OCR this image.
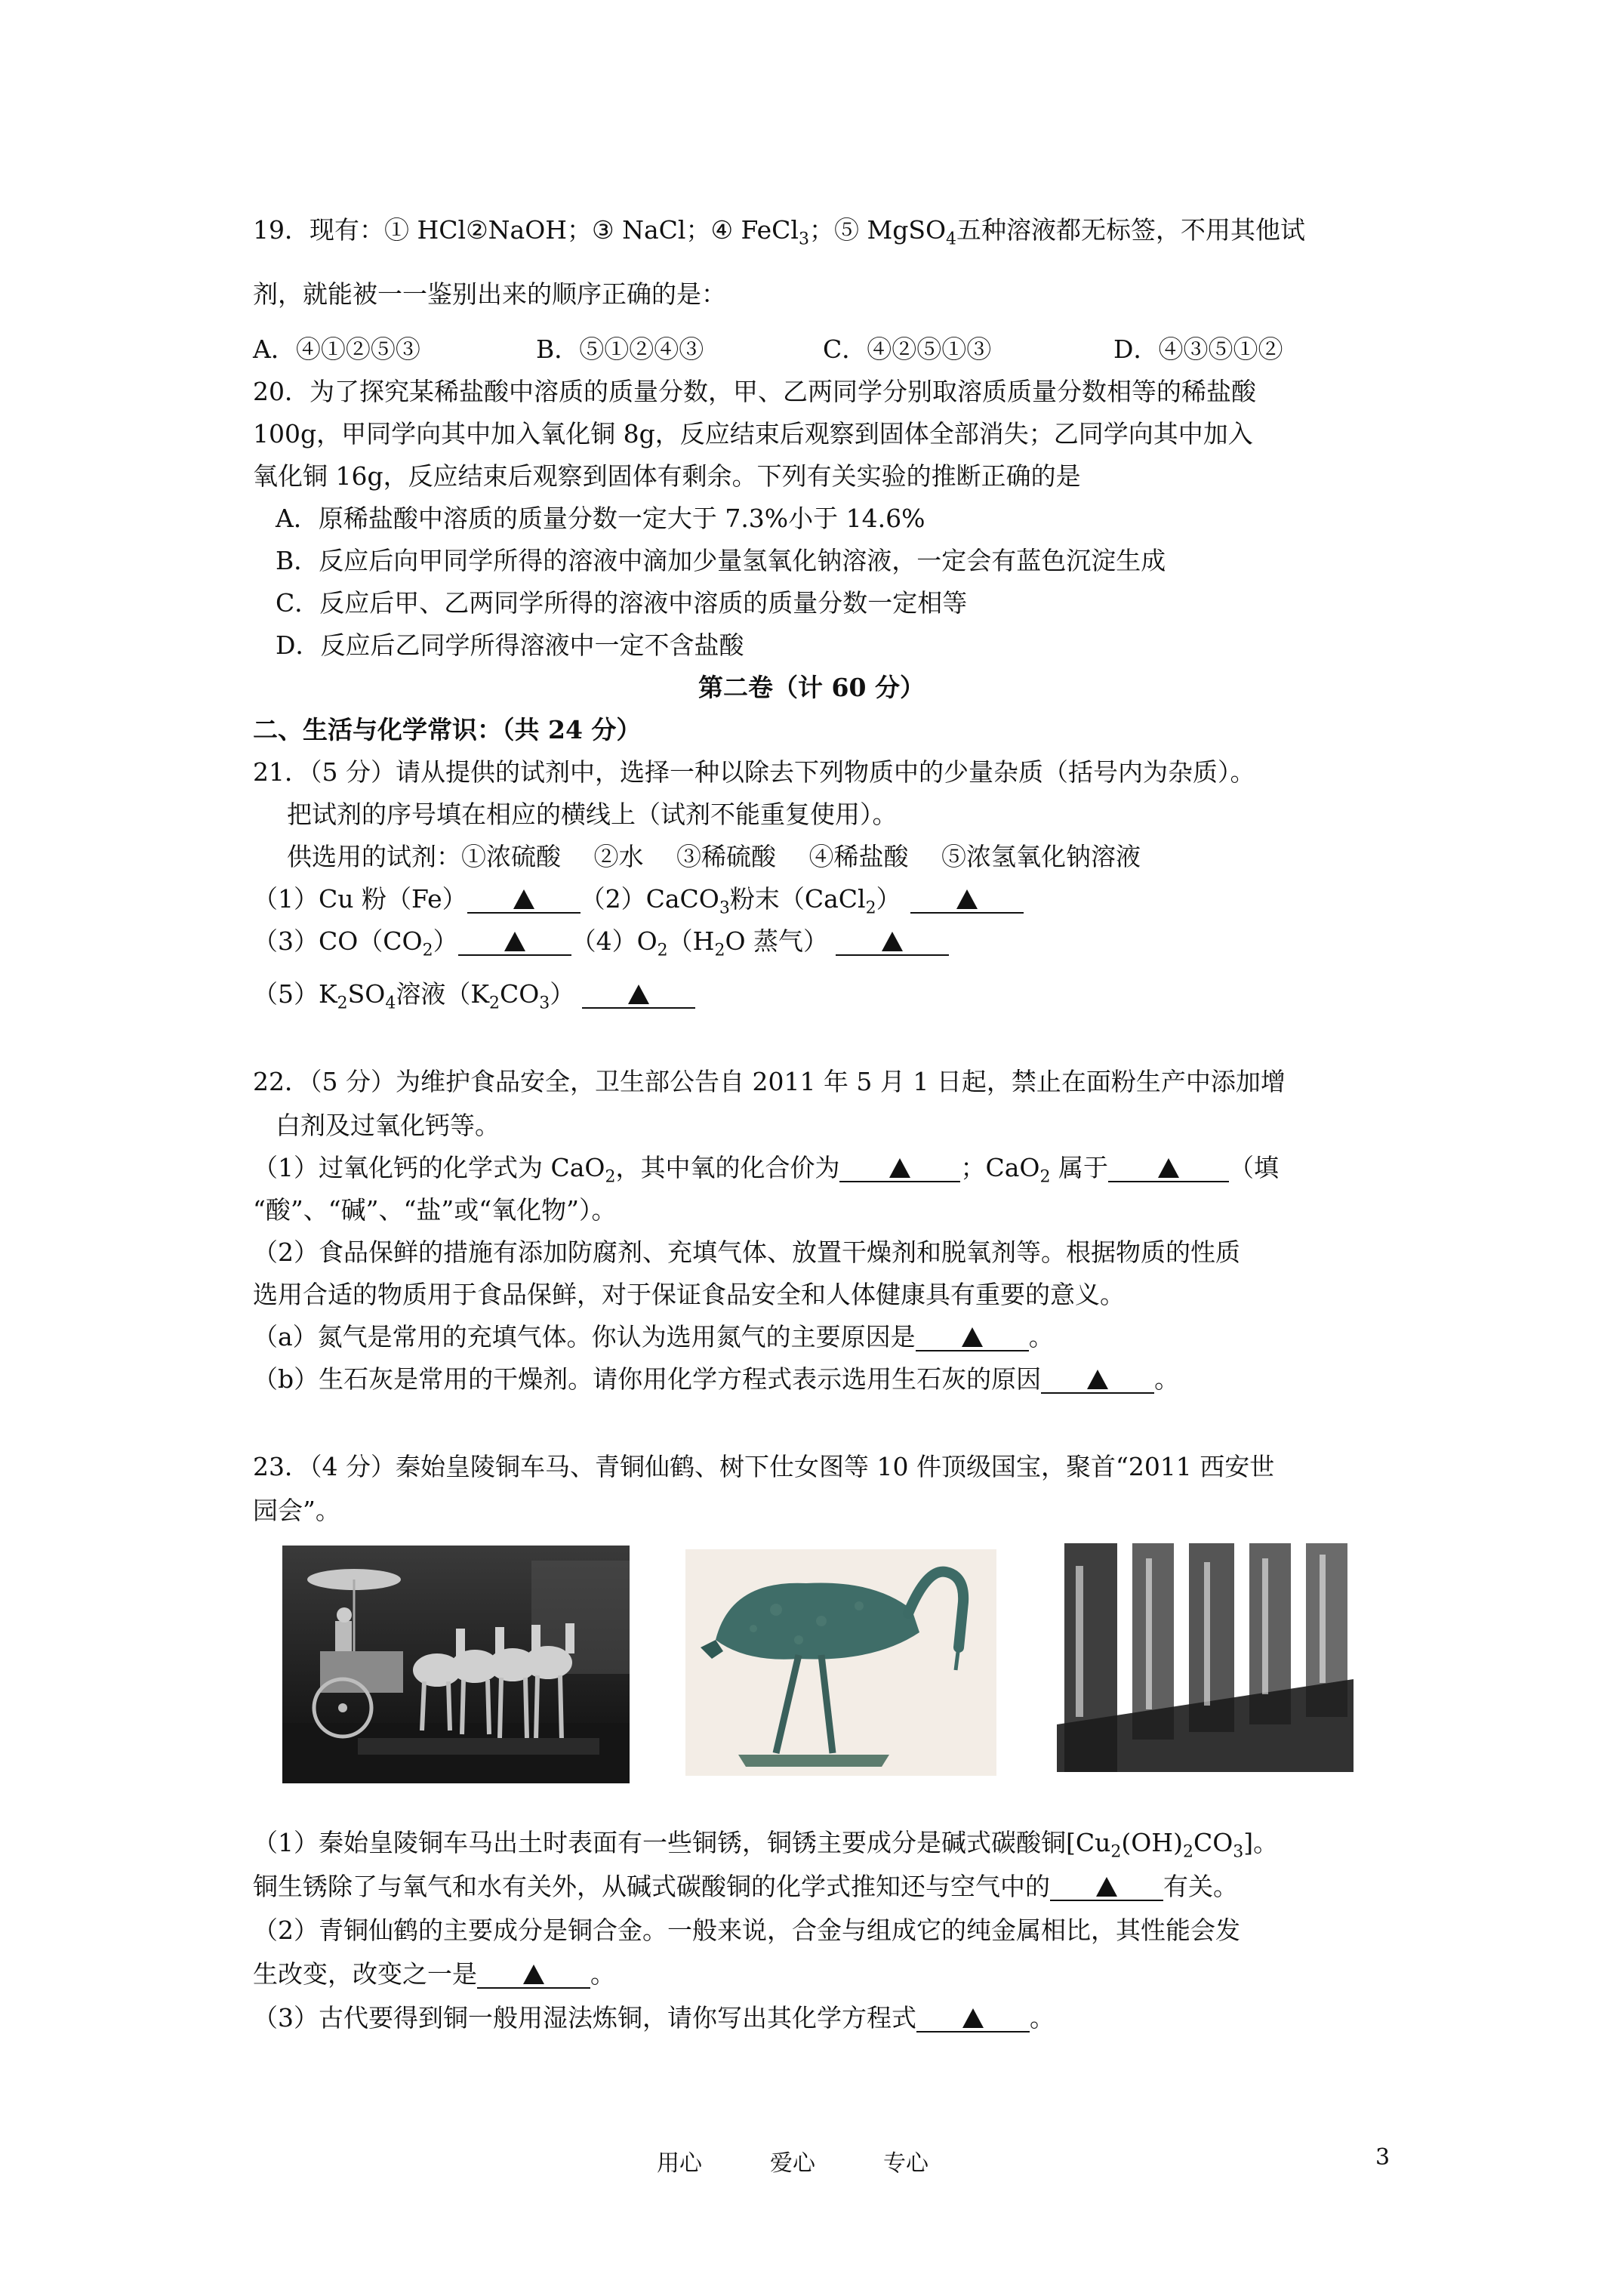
19．现有：① HCl②NaOH；③ NaCl；④ FeCl$_3$；⑤ MgSO$_4$五种溶液都无标签，不用其他试
剂，就能被一一鉴别出来的顺序正确的是：
A．④①②⑤③	B．⑤①②④③	C．④②⑤①③	D．④③⑤①②
20．为了探究某稀盐酸中溶质的质量分数，甲、乙两同学分别取溶质质量分数相等的稀盐酸
100g，甲同学向其中加入氧化铜 8g，反应结束后观察到固体全部消失；乙同学向其中加入
氧化铜 16g，反应结束后观察到固体有剩余。下列有关实验的推断正确的是
A．原稀盐酸中溶质的质量分数一定大于 7.3%小于 14.6%
B．反应后向甲同学所得的溶液中滴加少量氢氧化钠溶液，一定会有蓝色沉淀生成
C．反应后甲、乙两同学所得的溶液中溶质的质量分数一定相等
D．反应后乙同学所得溶液中一定不含盐酸
第二卷（计 60 分）
二、生活与化学常识：（共 24 分）
21．（5 分）请从提供的试剂中，选择一种以除去下列物质中的少量杂质（括号内为杂质）。
把试剂的序号填在相应的横线上（试剂不能重复使用）。
供选用的试剂：①浓硫酸 　②水 　③稀硫酸 　④稀盐酸 　⑤浓氢氧化钠溶液
（1）Cu 粉（Fe）	（2）CaCO$_3$粉末（CaCl$_2$）
$(3)CO(CO_2)$	$(4)O_2(H_2O$ 蒸气）
$(5)K_2SO_4$溶液$(K_2CO_3)$
22．（5 分）为维护食品安全，卫生部公告自 2011 年 5 月 1 日起，禁止在面粉生产中添加增
白剂及过氧化钙等。
（1）过氧化钙的化学式为 CaO$_2$，其中氧的化合价为	；CaO$_2$ 属于	（填
“酸”、“碱”、“盐”或“氧化物”）。
（2）食品保鲜的措施有添加防腐剂、充填气体、放置干燥剂和脱氧剂等。根据物质的性质
选用合适的物质用于食品保鲜，对于保证食品安全和人体健康具有重要的意义。
（a）氮气是常用的充填气体。你认为选用氮气的主要原因是	。
（b）生石灰是常用的干燥剂。请你用化学方程式表示选用生石灰的原因	。
23．（4 分）秦始皇陵铜车马、青铜仙鹤、树下仕女图等 10 件顶级国宝，聚首“2011 西安世
园会”。
（1）秦始皇陵铜车马出土时表面有一些铜锈，铜锈主要成分是碱式碳酸铜$[Cu_2(OH)_2CO_3]$。
铜生锈除了与氧气和水有关外，从碱式碳酸铜的化学式推知还与空气中的	有关。
（2）青铜仙鹤的主要成分是铜合金。一般来说，合金与组成它的纯金属相比，其性能会发
生改变，改变之一是	。
（3）古代要得到铜一般用湿法炼铜，请你写出其化学方程式	。
用心	爱心	专心	3
